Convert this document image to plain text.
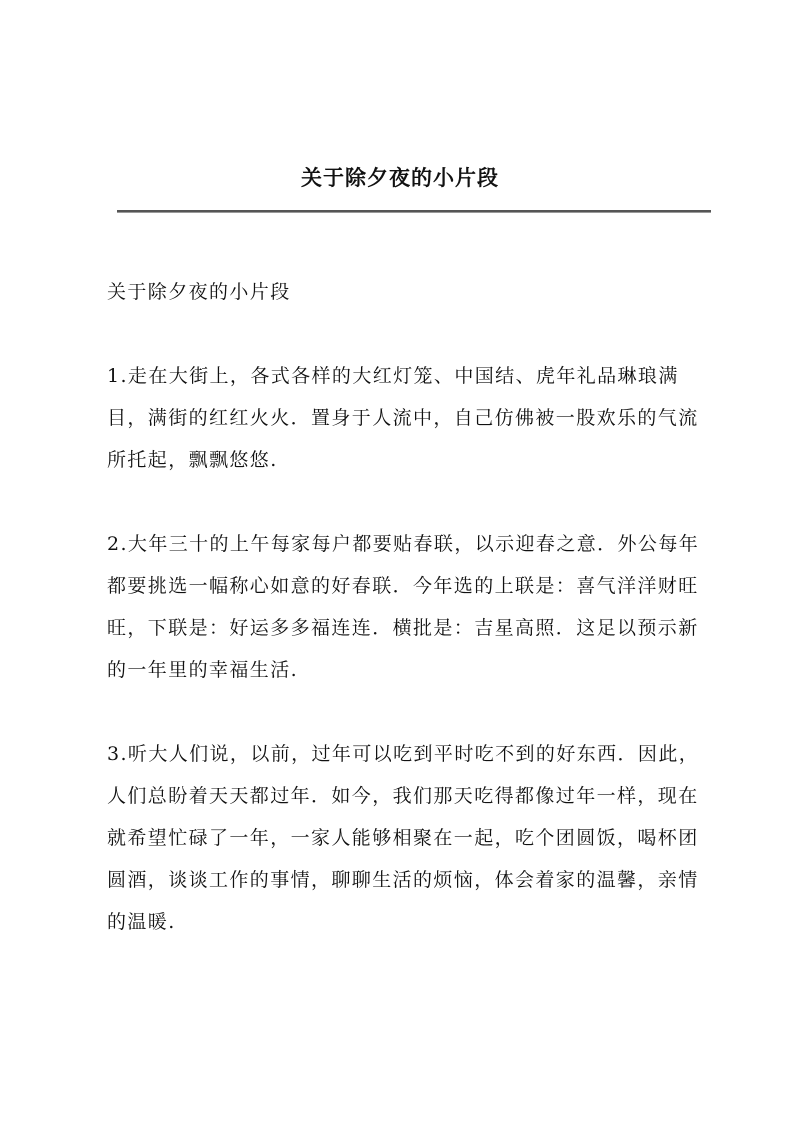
关于除夕夜的小片段

关于除夕夜的小片段

1.走在大街上，各式各样的大红灯笼、中国结、虎年礼品琳琅满目，满街的红红火火．置身于人流中，自己仿佛被一股欢乐的气流所托起，飘飘悠悠.

2.大年三十的上午每家每户都要贴春联，以示迎春之意．外公每年都要挑选一幅称心如意的好春联．今年选的上联是：喜气洋洋财旺旺，下联是：好运多多福连连．横批是：吉星高照．这足以预示新的一年里的幸福生活.

3.听大人们说，以前，过年可以吃到平时吃不到的好东西．因此，人们总盼着天天都过年．如今，我们那天吃得都像过年一样，现在就希望忙碌了一年，一家人能够相聚在一起，吃个团圆饭，喝杯团圆酒，谈谈工作的事情，聊聊生活的烦恼，体会着家的温馨，亲情的温暖.
